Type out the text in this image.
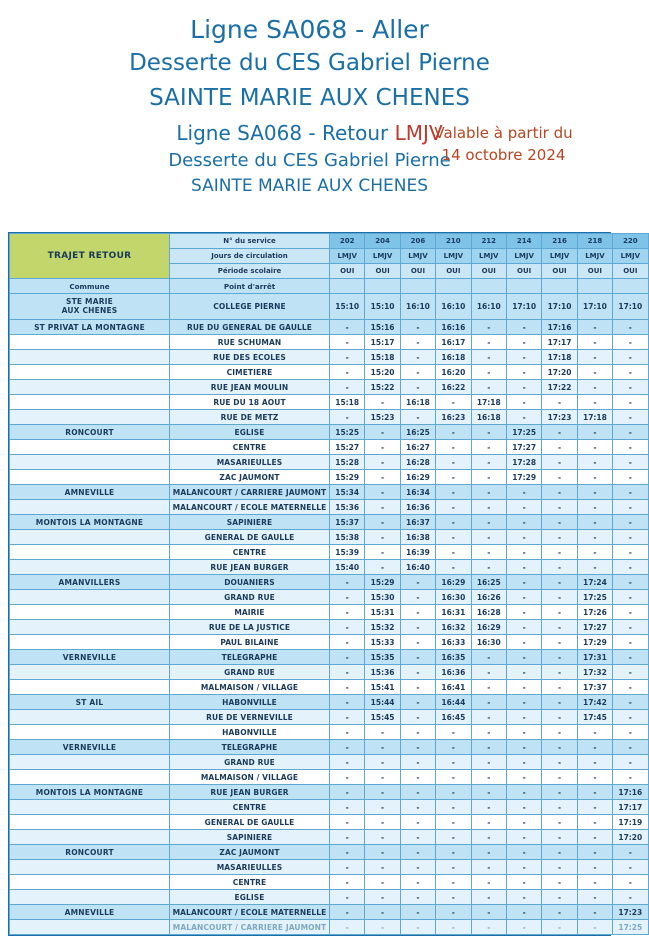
Ligne SA068 - Aller
Desserte du CES Gabriel Pierne
SAINTE MARIE AUX CHENES
Ligne SA068 - Retour LMJV
Desserte du CES Gabriel Pierne
SAINTE MARIE AUX CHENES
Valable à partir du
14 octobre 2024
TRAJET RETOUR	N° du service	202	204	206	210	212	214	216	218	220
	Jours de circulation	LMJV	LMJV	LMJV	LMJV	LMJV	LMJV	LMJV	LMJV	LMJV
	Période scolaire	OUI	OUI	OUI	OUI	OUI	OUI	OUI	OUI	OUI
Commune	Point d'arrêt									

STE MARIE
AUX CHENES	COLLEGE PIERNE	15:10	15:10	16:10	16:10	16:10	17:10	17:10	17:10	17:10
ST PRIVAT LA MONTAGNE	RUE DU GENERAL DE GAULLE	-	15:16	-	16:16	-	-	17:16	-	-
	RUE SCHUMAN	-	15:17	-	16:17	-	-	17:17	-	-
	RUE DES ECOLES	-	15:18	-	16:18	-	-	17:18	-	-
	CIMETIERE	-	15:20	-	16:20	-	-	17:20	-	-
	RUE JEAN MOULIN	-	15:22	-	16:22	-	-	17:22	-	-
	RUE DU 18 AOUT	15:18	-	16:18	-	17:18	-	-	-	-
	RUE DE METZ	-	15:23	-	16:23	16:18	-	17:23	17:18	-
RONCOURT	EGLISE	15:25	-	16:25	-	-	17:25	-	-	-
	CENTRE	15:27	-	16:27	-	-	17:27	-	-	-
	MASARIEULLES	15:28	-	16:28	-	-	17:28	-	-	-
	ZAC JAUMONT	15:29	-	16:29	-	-	17:29	-	-	-
AMNEVILLE	MALANCOURT / CARRIERE JAUMONT	15:34	-	16:34	-	-	-	-	-	-
	MALANCOURT / ECOLE MATERNELLE	15:36	-	16:36	-	-	-	-	-	-
MONTOIS LA MONTAGNE	SAPINIERE	15:37	-	16:37	-	-	-	-	-	-
	GENERAL DE GAULLE	15:38	-	16:38	-	-	-	-	-	-
	CENTRE	15:39	-	16:39	-	-	-	-	-	-
	RUE JEAN BURGER	15:40	-	16:40	-	-	-	-	-	-
AMANVILLERS	DOUANIERS	-	15:29	-	16:29	16:25	-	-	17:24	-
	GRAND RUE	-	15:30	-	16:30	16:26	-	-	17:25	-
	MAIRIE	-	15:31	-	16:31	16:28	-	-	17:26	-
	RUE DE LA JUSTICE	-	15:32	-	16:32	16:29	-	-	17:27	-
	PAUL BILAINE	-	15:33	-	16:33	16:30	-	-	17:29	-
VERNEVILLE	TELEGRAPHE	-	15:35	-	16:35	-	-	-	17:31	-
	GRAND RUE	-	15:36	-	16:36	-	-	-	17:32	-
	MALMAISON / VILLAGE	-	15:41	-	16:41	-	-	-	17:37	-
ST AIL	HABONVILLE	-	15:44	-	16:44	-	-	-	17:42	-
	RUE DE VERNEVILLE	-	15:45	-	16:45	-	-	-	17:45	-
	HABONVILLE	-	-	-	-	-	-	-	-	-
VERNEVILLE	TELEGRAPHE	-	-	-	-	-	-	-	-	-
	GRAND RUE	-	-	-	-	-	-	-	-	-
	MALMAISON / VILLAGE	-	-	-	-	-	-	-	-	-
MONTOIS LA MONTAGNE	RUE JEAN BURGER	-	-	-	-	-	-	-	-	17:16
	CENTRE	-	-	-	-	-	-	-	-	17:17
	GENERAL DE GAULLE	-	-	-	-	-	-	-	-	17:19
	SAPINIERE	-	-	-	-	-	-	-	-	17:20
RONCOURT	ZAC JAUMONT	-	-	-	-	-	-	-	-	-
	MASARIEULLES	-	-	-	-	-	-	-	-	-
	CENTRE	-	-	-	-	-	-	-	-	-
	EGLISE	-	-	-	-	-	-	-	-	-
AMNEVILLE	MALANCOURT / ECOLE MATERNELLE	-	-	-	-	-	-	-	-	17:23
	MALANCOURT / CARRIERE JAUMONT	-	-	-	-	-	-	-	-	17:25
